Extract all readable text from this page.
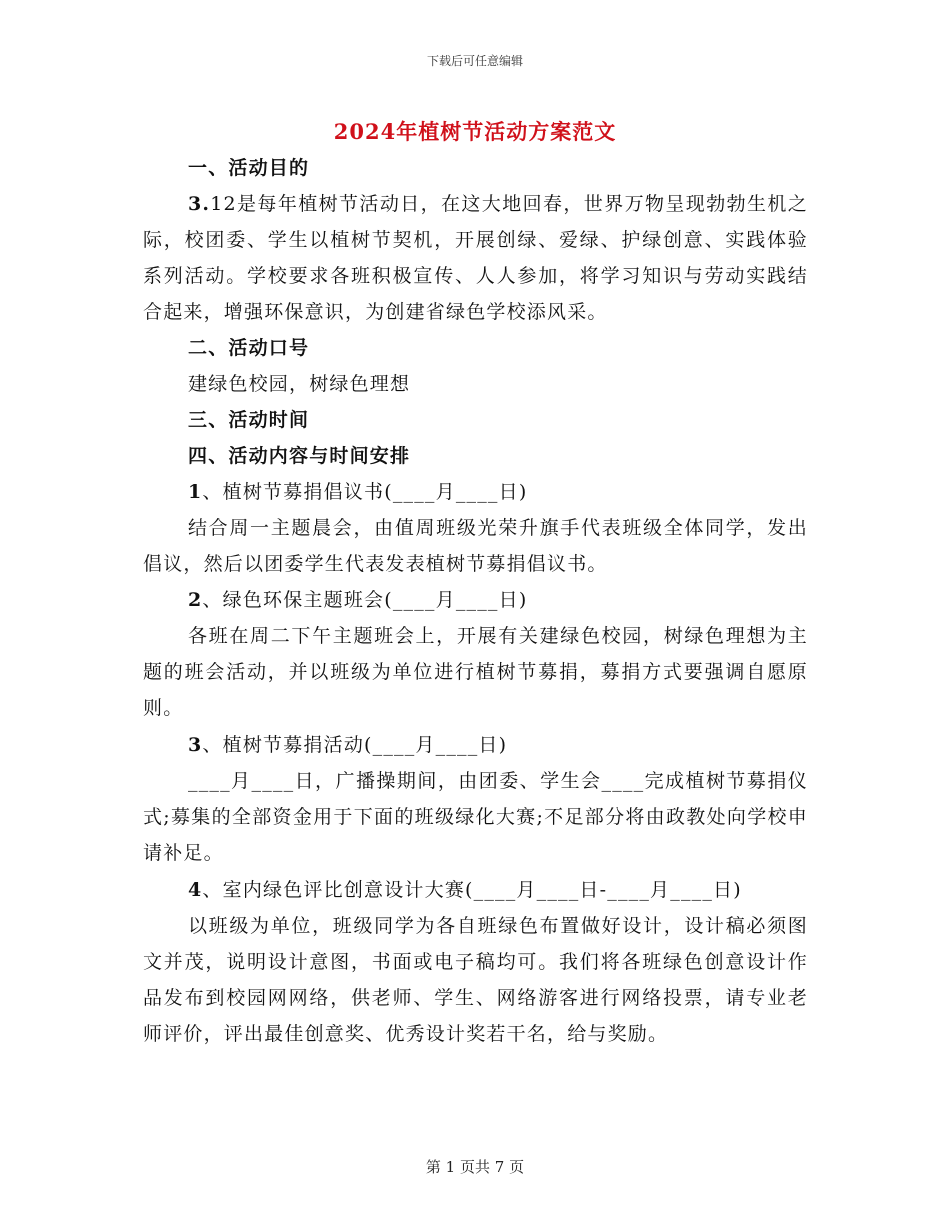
下载后可任意编辑
2024年植树节活动方案范文

一、活动目的

3.12是每年植树节活动日，在这大地回春，世界万物呈现勃勃生机之际，校团委、学生以植树节契机，开展创绿、爱绿、护绿创意、实践体验系列活动。学校要求各班积极宣传、人人参加，将学习知识与劳动实践结合起来，增强环保意识，为创建省绿色学校添风采。

二、活动口号

建绿色校园，树绿色理想

三、活动时间

四、活动内容与时间安排

1、植树节募捐倡议书(____月____日)

结合周一主题晨会，由值周班级光荣升旗手代表班级全体同学，发出倡议，然后以团委学生代表发表植树节募捐倡议书。

2、绿色环保主题班会(____月____日)

各班在周二下午主题班会上，开展有关建绿色校园，树绿色理想为主题的班会活动，并以班级为单位进行植树节募捐，募捐方式要强调自愿原则。

3、植树节募捐活动(____月____日)

____月____日，广播操期间，由团委、学生会____完成植树节募捐仪式;募集的全部资金用于下面的班级绿化大赛;不足部分将由政教处向学校申请补足。

4、室内绿色评比创意设计大赛(____月____日-____月____日)

以班级为单位，班级同学为各自班绿色布置做好设计，设计稿必须图文并茂，说明设计意图，书面或电子稿均可。我们将各班绿色创意设计作品发布到校园网网络，供老师、学生、网络游客进行网络投票，请专业老师评价，评出最佳创意奖、优秀设计奖若干名，给与奖励。

第 1 页共 7 页
